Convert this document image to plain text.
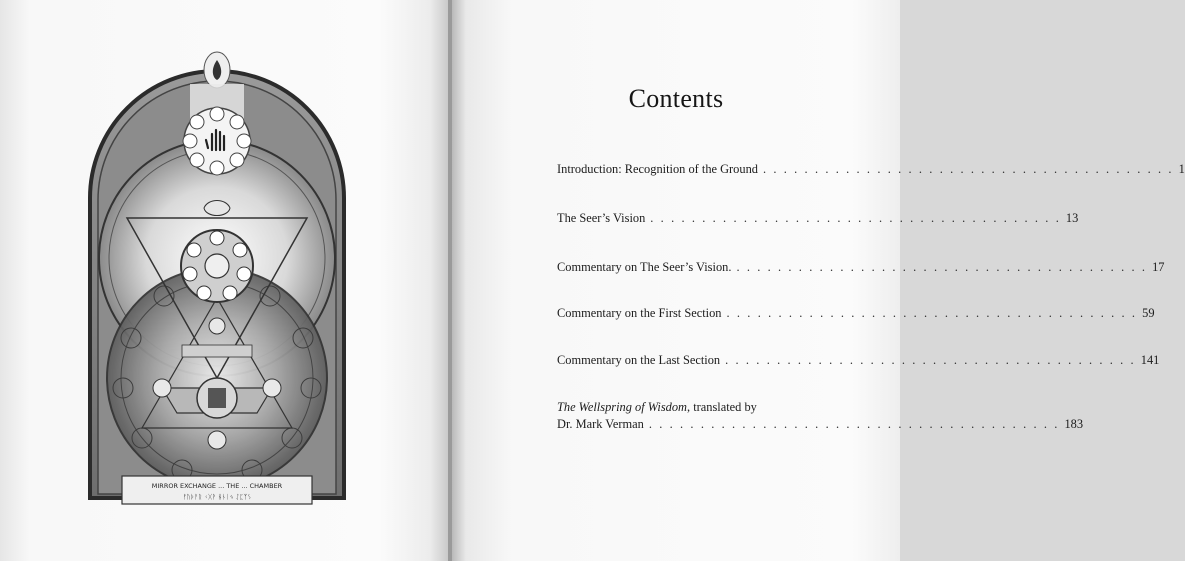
MIRROR EXCHANGE ... THE ... CHAMBER
ᚠᚢᚦᚨᚱ ᚲᚷᚹ ᚺᚾᛁᛃ ᛇᛈᛉᛊ
Contents
Introduction: Recognition of the Ground . . . . . . . . . . . . . . . . . . . . . . . . . . . . . . . . . . . . . . . . 1
The Seer’s Vision . . . . . . . . . . . . . . . . . . . . . . . . . . . . . . . . . . . . . . . . 13
Commentary on The Seer’s Vision. . . . . . . . . . . . . . . . . . . . . . . . . . . . . . . . . . . . . . . . . 17
Commentary on the First Section . . . . . . . . . . . . . . . . . . . . . . . . . . . . . . . . . . . . . . . . 59
Commentary on the Last Section . . . . . . . . . . . . . . . . . . . . . . . . . . . . . . . . . . . . . . . . 141
The Wellspring of Wisdom, translated by
Dr. Mark Verman . . . . . . . . . . . . . . . . . . . . . . . . . . . . . . . . . . . . . . . . 183
